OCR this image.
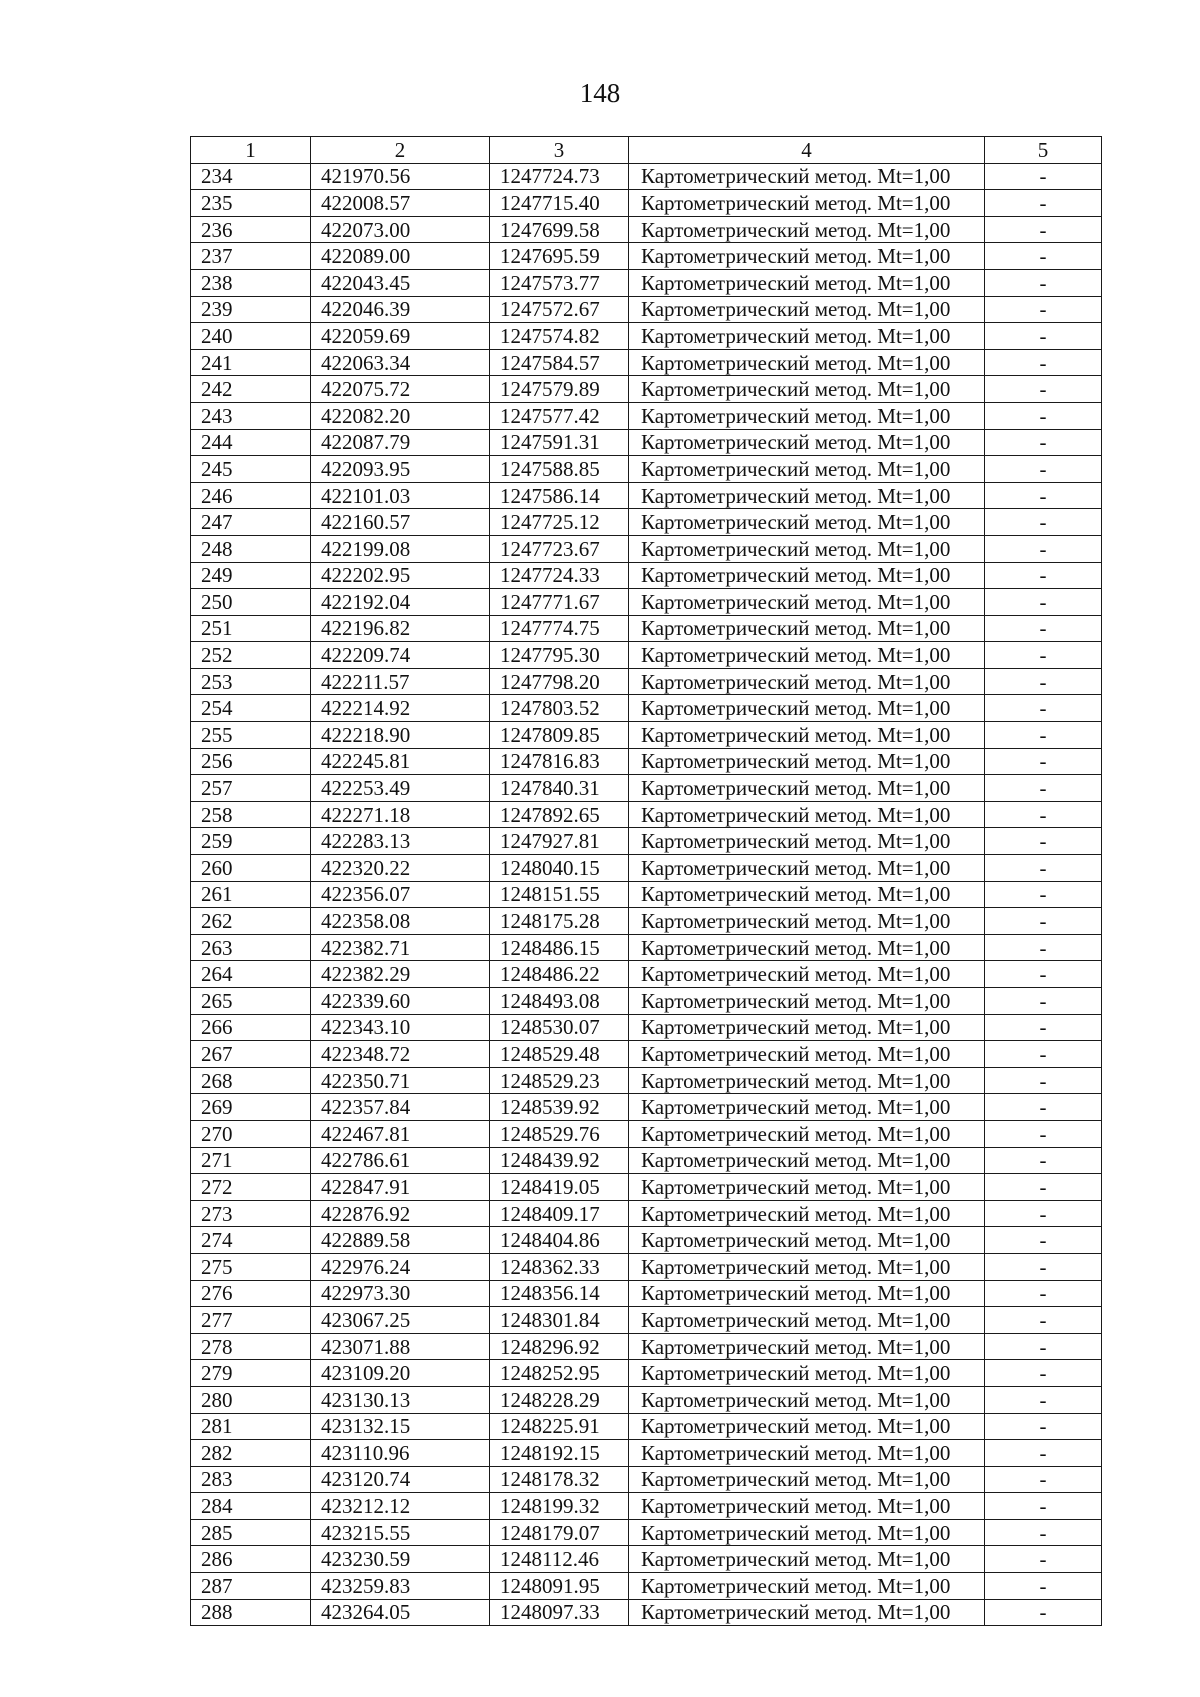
148
1	2	3	4	5
234	421970.56	1247724.73	Картометрический метод. Mt=1,00	-
235	422008.57	1247715.40	Картометрический метод. Mt=1,00	-
236	422073.00	1247699.58	Картометрический метод. Mt=1,00	-
237	422089.00	1247695.59	Картометрический метод. Mt=1,00	-
238	422043.45	1247573.77	Картометрический метод. Mt=1,00	-
239	422046.39	1247572.67	Картометрический метод. Mt=1,00	-
240	422059.69	1247574.82	Картометрический метод. Mt=1,00	-
241	422063.34	1247584.57	Картометрический метод. Mt=1,00	-
242	422075.72	1247579.89	Картометрический метод. Mt=1,00	-
243	422082.20	1247577.42	Картометрический метод. Mt=1,00	-
244	422087.79	1247591.31	Картометрический метод. Mt=1,00	-
245	422093.95	1247588.85	Картометрический метод. Mt=1,00	-
246	422101.03	1247586.14	Картометрический метод. Mt=1,00	-
247	422160.57	1247725.12	Картометрический метод. Mt=1,00	-
248	422199.08	1247723.67	Картометрический метод. Mt=1,00	-
249	422202.95	1247724.33	Картометрический метод. Mt=1,00	-
250	422192.04	1247771.67	Картометрический метод. Mt=1,00	-
251	422196.82	1247774.75	Картометрический метод. Mt=1,00	-
252	422209.74	1247795.30	Картометрический метод. Mt=1,00	-
253	422211.57	1247798.20	Картометрический метод. Mt=1,00	-
254	422214.92	1247803.52	Картометрический метод. Mt=1,00	-
255	422218.90	1247809.85	Картометрический метод. Mt=1,00	-
256	422245.81	1247816.83	Картометрический метод. Mt=1,00	-
257	422253.49	1247840.31	Картометрический метод. Mt=1,00	-
258	422271.18	1247892.65	Картометрический метод. Mt=1,00	-
259	422283.13	1247927.81	Картометрический метод. Mt=1,00	-
260	422320.22	1248040.15	Картометрический метод. Mt=1,00	-
261	422356.07	1248151.55	Картометрический метод. Mt=1,00	-
262	422358.08	1248175.28	Картометрический метод. Mt=1,00	-
263	422382.71	1248486.15	Картометрический метод. Mt=1,00	-
264	422382.29	1248486.22	Картометрический метод. Mt=1,00	-
265	422339.60	1248493.08	Картометрический метод. Mt=1,00	-
266	422343.10	1248530.07	Картометрический метод. Mt=1,00	-
267	422348.72	1248529.48	Картометрический метод. Mt=1,00	-
268	422350.71	1248529.23	Картометрический метод. Mt=1,00	-
269	422357.84	1248539.92	Картометрический метод. Mt=1,00	-
270	422467.81	1248529.76	Картометрический метод. Mt=1,00	-
271	422786.61	1248439.92	Картометрический метод. Mt=1,00	-
272	422847.91	1248419.05	Картометрический метод. Mt=1,00	-
273	422876.92	1248409.17	Картометрический метод. Mt=1,00	-
274	422889.58	1248404.86	Картометрический метод. Mt=1,00	-
275	422976.24	1248362.33	Картометрический метод. Mt=1,00	-
276	422973.30	1248356.14	Картометрический метод. Mt=1,00	-
277	423067.25	1248301.84	Картометрический метод. Mt=1,00	-
278	423071.88	1248296.92	Картометрический метод. Mt=1,00	-
279	423109.20	1248252.95	Картометрический метод. Mt=1,00	-
280	423130.13	1248228.29	Картометрический метод. Mt=1,00	-
281	423132.15	1248225.91	Картометрический метод. Mt=1,00	-
282	423110.96	1248192.15	Картометрический метод. Mt=1,00	-
283	423120.74	1248178.32	Картометрический метод. Mt=1,00	-
284	423212.12	1248199.32	Картометрический метод. Mt=1,00	-
285	423215.55	1248179.07	Картометрический метод. Mt=1,00	-
286	423230.59	1248112.46	Картометрический метод. Mt=1,00	-
287	423259.83	1248091.95	Картометрический метод. Mt=1,00	-
288	423264.05	1248097.33	Картометрический метод. Mt=1,00	-
